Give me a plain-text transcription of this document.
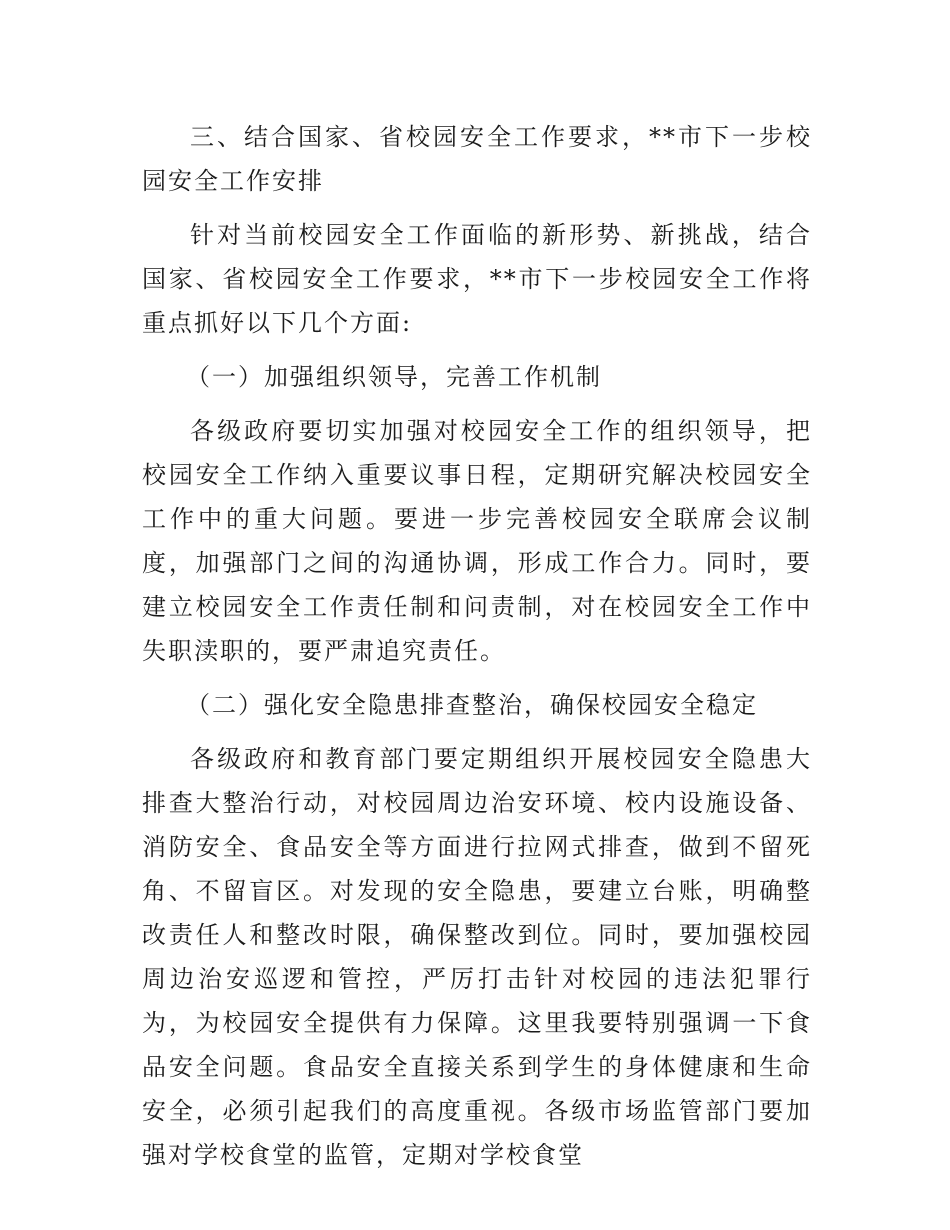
三、结合国家、省校园安全工作要求，**市下一步校园安全工作安排

针对当前校园安全工作面临的新形势、新挑战，结合国家、省校园安全工作要求，**市下一步校园安全工作将重点抓好以下几个方面:

（一）加强组织领导，完善工作机制

各级政府要切实加强对校园安全工作的组织领导，把校园安全工作纳入重要议事日程，定期研究解决校园安全工作中的重大问题。要进一步完善校园安全联席会议制度，加强部门之间的沟通协调，形成工作合力。同时，要建立校园安全工作责任制和问责制，对在校园安全工作中失职渎职的，要严肃追究责任。

（二）强化安全隐患排查整治，确保校园安全稳定

各级政府和教育部门要定期组织开展校园安全隐患大排查大整治行动，对校园周边治安环境、校内设施设备、消防安全、食品安全等方面进行拉网式排查，做到不留死角、不留盲区。对发现的安全隐患，要建立台账，明确整改责任人和整改时限，确保整改到位。同时，要加强校园周边治安巡逻和管控，严厉打击针对校园的违法犯罪行为，为校园安全提供有力保障。这里我要特别强调一下食品安全问题。食品安全直接关系到学生的身体健康和生命安全，必须引起我们的高度重视。各级市场监管部门要加强对学校食堂的监管，定期对学校食堂
